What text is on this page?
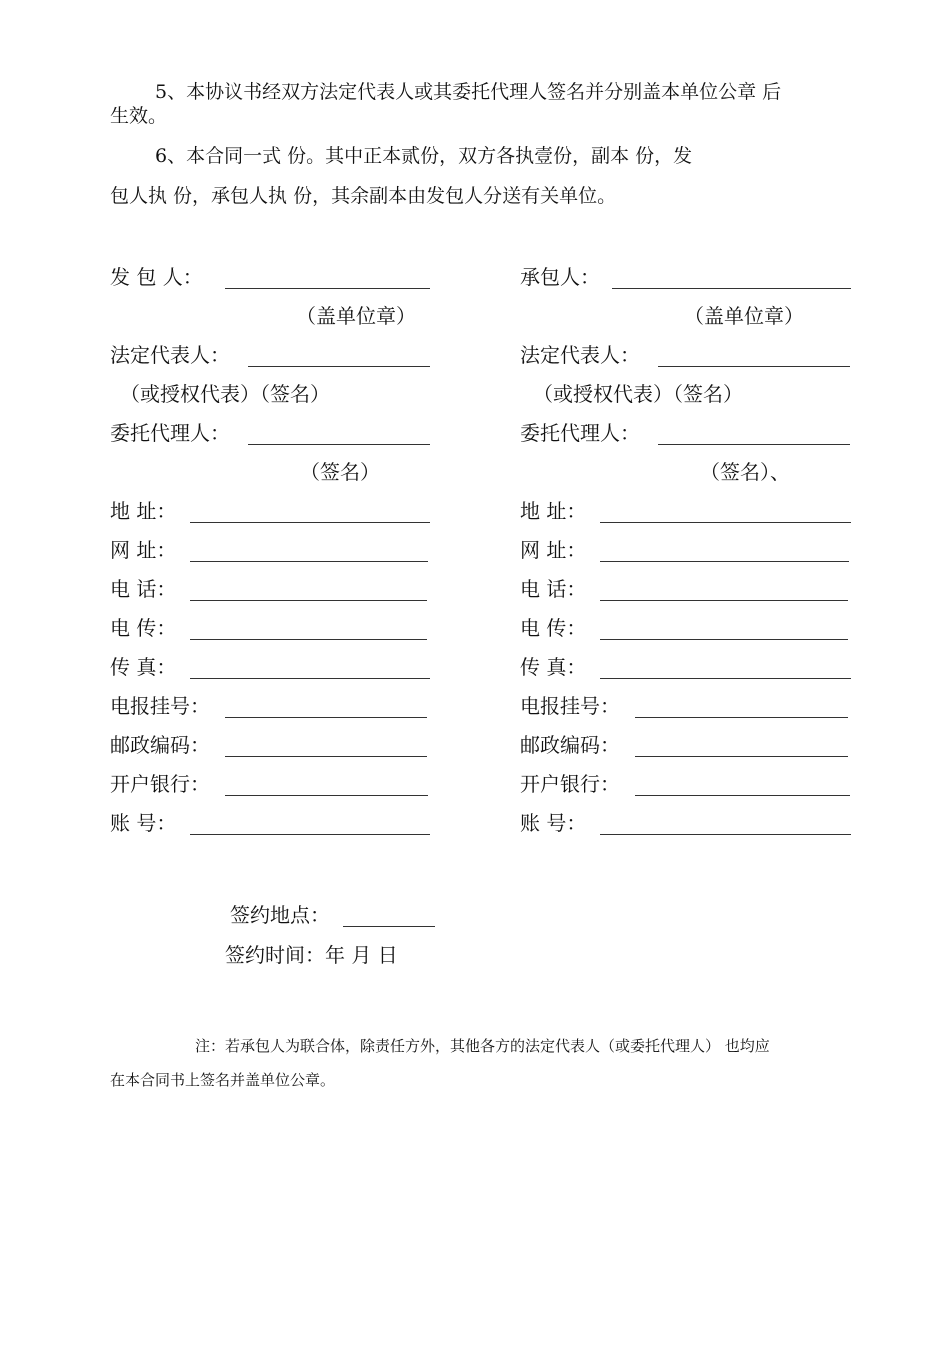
5、本协议书经双方法定代表人或其委托代理人签名并分别盖本单位公章 后
生效。
6、本合同一式 份。其中正本贰份，双方各执壹份，副本 份，发
包人执 份，承包人执 份，其余副本由发包人分送有关单位。
发 包 人：
（盖单位章）
法定代表人：
（或授权代表）（签名）
委托代理人：
（签名）
地 址：
网 址：
电 话：
电 传：
传 真：
电报挂号：
邮政编码：
开户银行：
账 号：
承包人：
（盖单位章）
法定代表人：
（或授权代表）（签名）
委托代理人：
（签名）、
地 址：
网 址：
电 话：
电 传：
传 真：
电报挂号：
邮政编码：
开户银行：
账 号：
签约地点：
签约时间：年 月 日
注：若承包人为联合体，除责任方外，其他各方的法定代表人（或委托代理人） 也均应
在本合同书上签名并盖单位公章。
